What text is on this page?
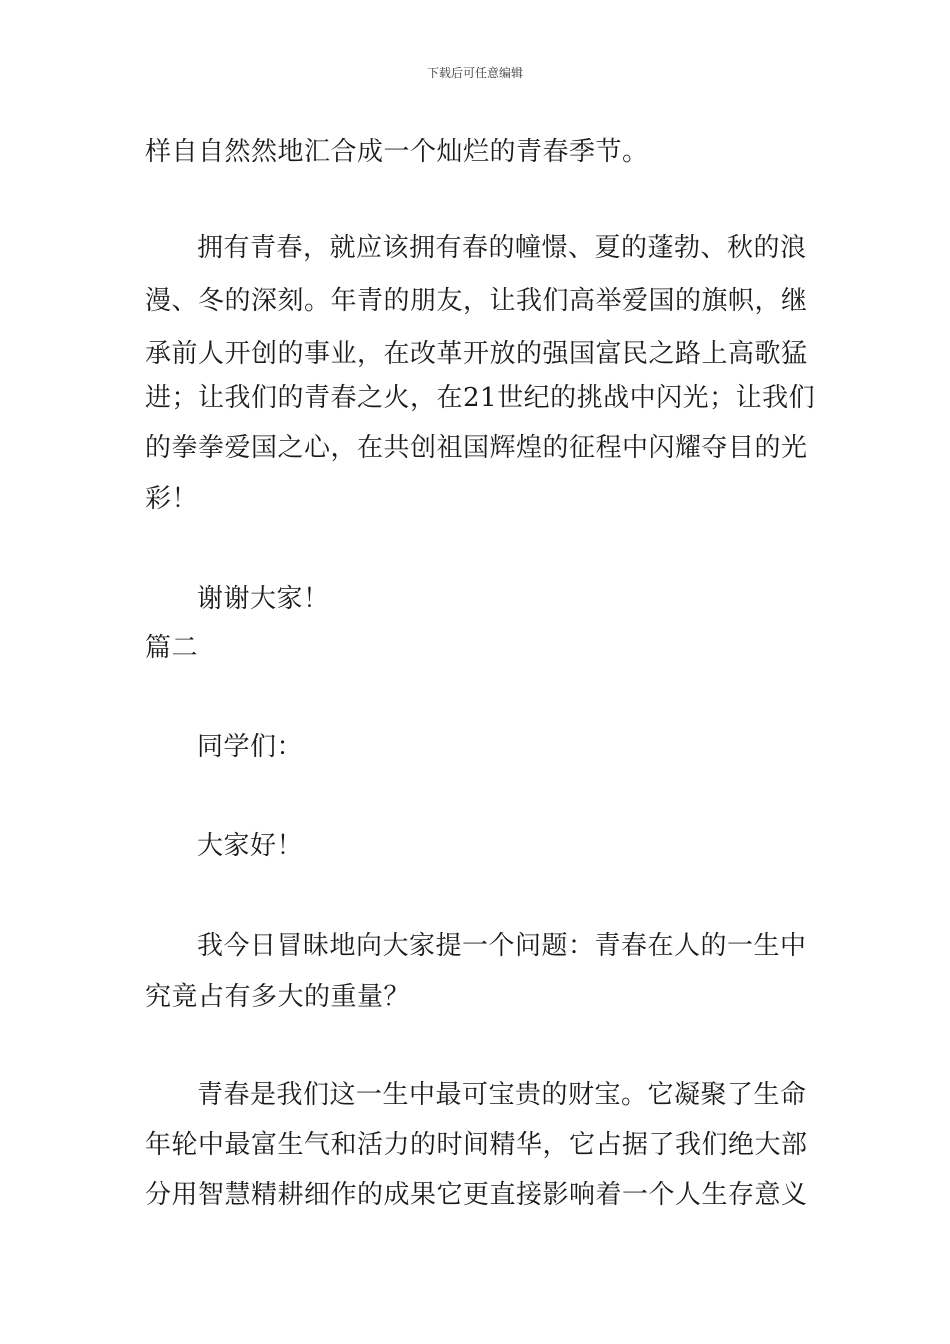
下载后可任意编辑
样自自然然地汇合成一个灿烂的青春季节。
拥有青春，就应该拥有春的幢憬、夏的蓬勃、秋的浪
漫、冬的深刻。年青的朋友，让我们高举爱国的旗帜，继
承前人开创的事业，在改革开放的强国富民之路上高歌猛
进；让我们的青春之火，在21世纪的挑战中闪光；让我们
的拳拳爱国之心，在共创祖国辉煌的征程中闪耀夺目的光
彩！
谢谢大家！
篇二
同学们：
大家好！
我今日冒昧地向大家提一个问题：青春在人的一生中
究竟占有多大的重量？
青春是我们这一生中最可宝贵的财宝。它凝聚了生命
年轮中最富生气和活力的时间精华，它占据了我们绝大部
分用智慧精耕细作的成果它更直接影响着一个人生存意义
